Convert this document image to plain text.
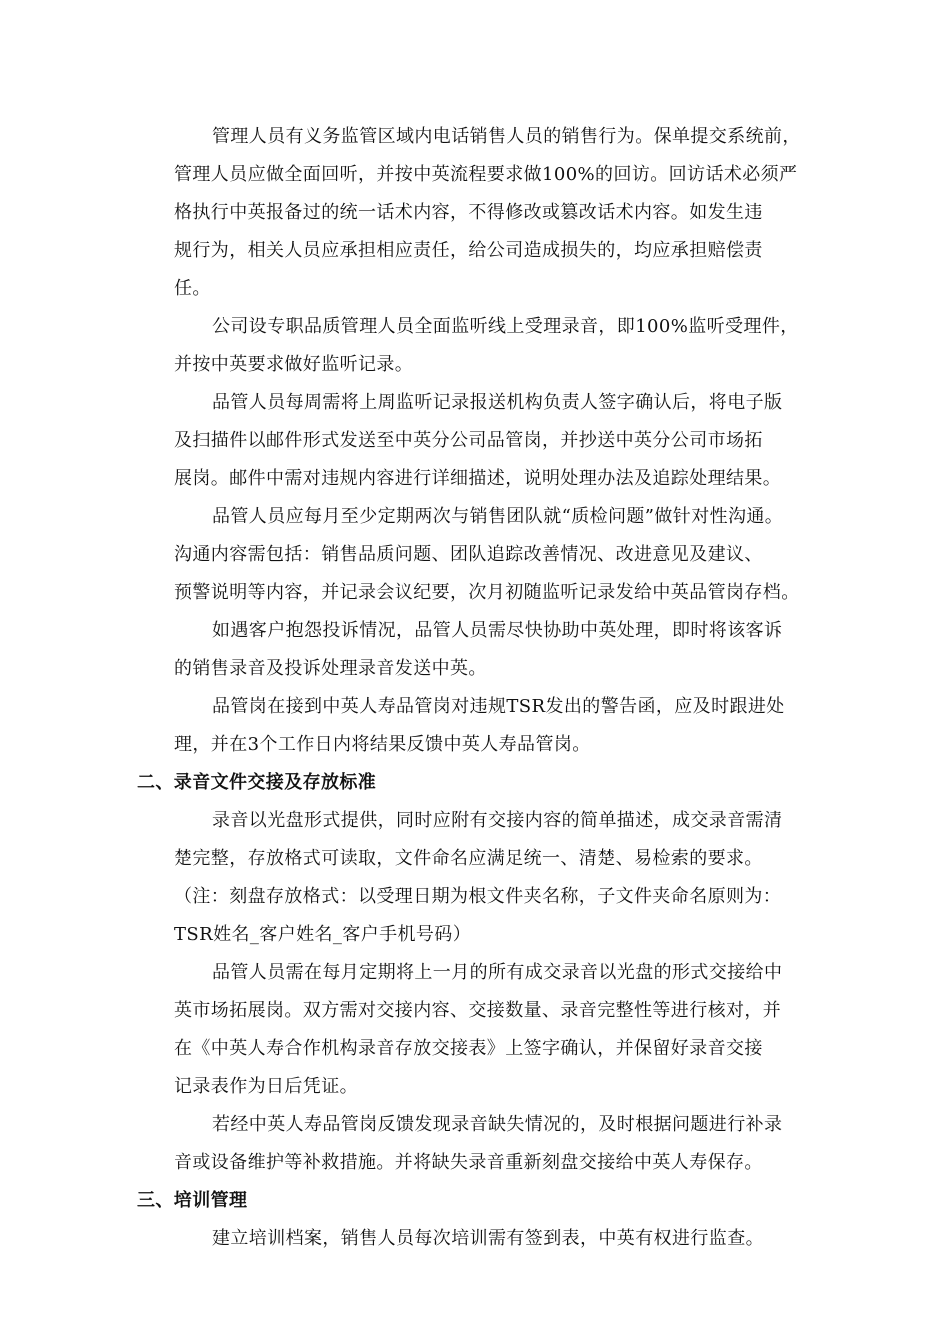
管理人员有义务监管区域内电话销售人员的销售行为。保单提交系统前，
管理人员应做全面回听，并按中英流程要求做100%的回访。回访话术必须严
格执行中英报备过的统一话术内容，不得修改或篡改话术内容。如发生违
规行为，相关人员应承担相应责任，给公司造成损失的，均应承担赔偿责
任。
公司设专职品质管理人员全面监听线上受理录音，即100%监听受理件，
并按中英要求做好监听记录。
品管人员每周需将上周监听记录报送机构负责人签字确认后，将电子版
及扫描件以邮件形式发送至中英分公司品管岗，并抄送中英分公司市场拓
展岗。邮件中需对违规内容进行详细描述，说明处理办法及追踪处理结果。
品管人员应每月至少定期两次与销售团队就“质检问题”做针对性沟通。
沟通内容需包括：销售品质问题、团队追踪改善情况、改进意见及建议、
预警说明等内容，并记录会议纪要，次月初随监听记录发给中英品管岗存档。
如遇客户抱怨投诉情况，品管人员需尽快协助中英处理，即时将该客诉
的销售录音及投诉处理录音发送中英。
品管岗在接到中英人寿品管岗对违规TSR发出的警告函，应及时跟进处
理，并在3个工作日内将结果反馈中英人寿品管岗。
二、录音文件交接及存放标准
录音以光盘形式提供，同时应附有交接内容的简单描述，成交录音需清
楚完整，存放格式可读取，文件命名应满足统一、清楚、易检索的要求。
（注：刻盘存放格式：以受理日期为根文件夹名称，子文件夹命名原则为：
TSR姓名_客户姓名_客户手机号码）
品管人员需在每月定期将上一月的所有成交录音以光盘的形式交接给中
英市场拓展岗。双方需对交接内容、交接数量、录音完整性等进行核对，并
在《中英人寿合作机构录音存放交接表》上签字确认，并保留好录音交接
记录表作为日后凭证。
若经中英人寿品管岗反馈发现录音缺失情况的，及时根据问题进行补录
音或设备维护等补救措施。并将缺失录音重新刻盘交接给中英人寿保存。
三、培训管理
建立培训档案，销售人员每次培训需有签到表，中英有权进行监查。
